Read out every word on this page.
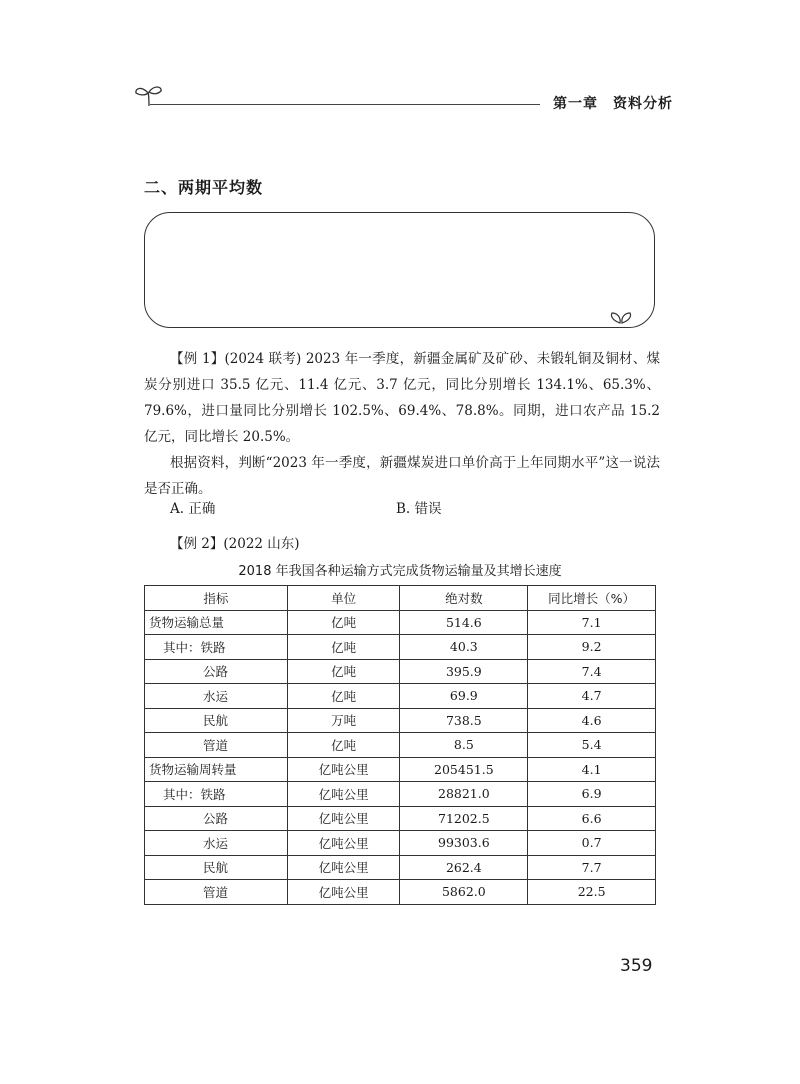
第一章　资料分析
二、两期平均数
【例 1】(2024 联考) 2023 年一季度，新疆金属矿及矿砂、未锻轧铜及铜材、煤炭分别进口 35.5 亿元、11.4 亿元、3.7 亿元，同比分别增长 134.1%、65.3%、79.6%，进口量同比分别增长 102.5%、69.4%、78.8%。同期，进口农产品 15.2 亿元，同比增长 20.5%。
根据资料，判断“2023 年一季度，新疆煤炭进口单价高于上年同期水平”这一说法是否正确。
A. 正确	B. 错误
【例 2】(2022 山东)
2018 年我国各种运输方式完成货物运输量及其增长速度
指标	单位	绝对数	同比增长（%）
货物运输总量	亿吨	514.6	7.1
其中：铁路	亿吨	40.3	9.2
公路	亿吨	395.9	7.4
水运	亿吨	69.9	4.7
民航	万吨	738.5	4.6
管道	亿吨	8.5	5.4
货物运输周转量	亿吨公里	205451.5	4.1
其中：铁路	亿吨公里	28821.0	6.9
公路	亿吨公里	71202.5	6.6
水运	亿吨公里	99303.6	0.7
民航	亿吨公里	262.4	7.7
管道	亿吨公里	5862.0	22.5
359
